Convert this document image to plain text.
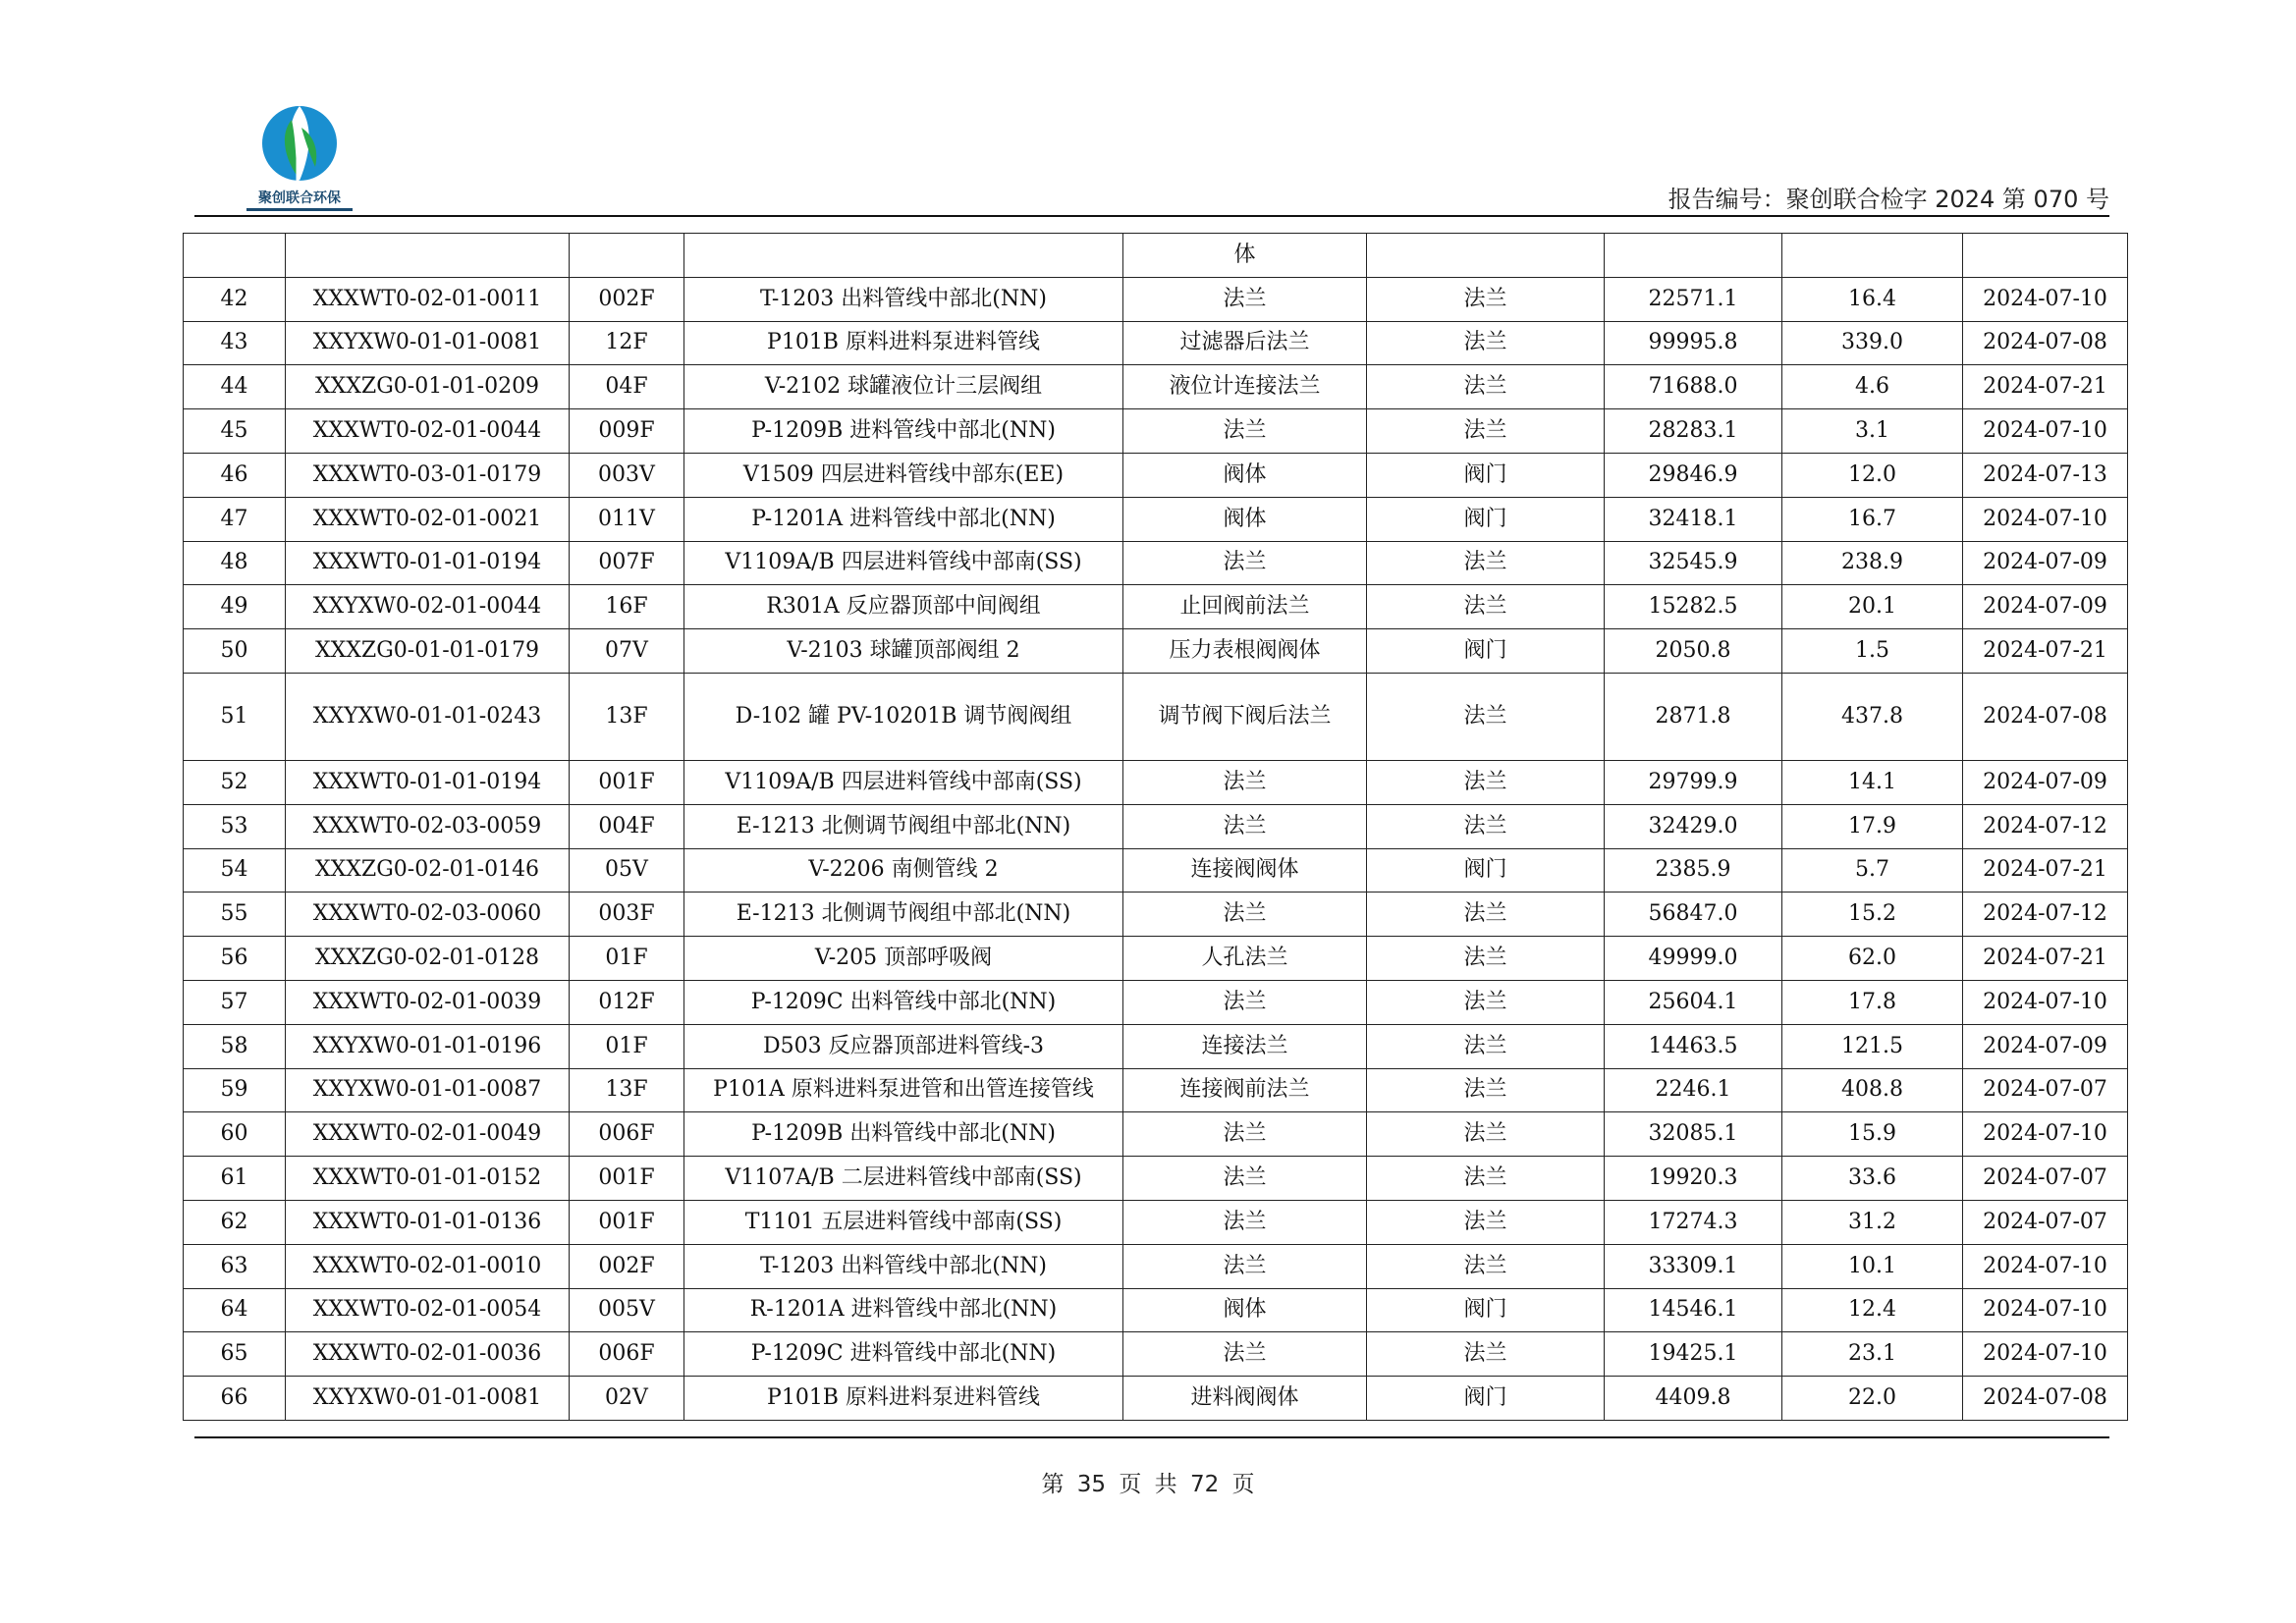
聚创联合环保	报告编号：聚创联合检字 2024 第 070 号
				体				
42	XXXWT0-02-01-0011	002F	T-1203 出料管线中部北(NN)	法兰	法兰	22571.1	16.4	2024-07-10
43	XXYXW0-01-01-0081	12F	P101B 原料进料泵进料管线	过滤器后法兰	法兰	99995.8	339.0	2024-07-08
44	XXXZG0-01-01-0209	04F	V-2102 球罐液位计三层阀组	液位计连接法兰	法兰	71688.0	4.6	2024-07-21
45	XXXWT0-02-01-0044	009F	P-1209B 进料管线中部北(NN)	法兰	法兰	28283.1	3.1	2024-07-10
46	XXXWT0-03-01-0179	003V	V1509 四层进料管线中部东(EE)	阀体	阀门	29846.9	12.0	2024-07-13
47	XXXWT0-02-01-0021	011V	P-1201A 进料管线中部北(NN)	阀体	阀门	32418.1	16.7	2024-07-10
48	XXXWT0-01-01-0194	007F	V1109A/B 四层进料管线中部南(SS)	法兰	法兰	32545.9	238.9	2024-07-09
49	XXYXW0-02-01-0044	16F	R301A 反应器顶部中间阀组	止回阀前法兰	法兰	15282.5	20.1	2024-07-09
50	XXXZG0-01-01-0179	07V	V-2103 球罐顶部阀组 2	压力表根阀阀体	阀门	2050.8	1.5	2024-07-21
51	XXYXW0-01-01-0243	13F	D-102 罐 PV-10201B 调节阀阀组	调节阀下阀后法兰	法兰	2871.8	437.8	2024-07-08
52	XXXWT0-01-01-0194	001F	V1109A/B 四层进料管线中部南(SS)	法兰	法兰	29799.9	14.1	2024-07-09
53	XXXWT0-02-03-0059	004F	E-1213 北侧调节阀组中部北(NN)	法兰	法兰	32429.0	17.9	2024-07-12
54	XXXZG0-02-01-0146	05V	V-2206 南侧管线 2	连接阀阀体	阀门	2385.9	5.7	2024-07-21
55	XXXWT0-02-03-0060	003F	E-1213 北侧调节阀组中部北(NN)	法兰	法兰	56847.0	15.2	2024-07-12
56	XXXZG0-02-01-0128	01F	V-205 顶部呼吸阀	人孔法兰	法兰	49999.0	62.0	2024-07-21
57	XXXWT0-02-01-0039	012F	P-1209C 出料管线中部北(NN)	法兰	法兰	25604.1	17.8	2024-07-10
58	XXYXW0-01-01-0196	01F	D503 反应器顶部进料管线-3	连接法兰	法兰	14463.5	121.5	2024-07-09
59	XXYXW0-01-01-0087	13F	P101A 原料进料泵进管和出管连接管线	连接阀前法兰	法兰	2246.1	408.8	2024-07-07
60	XXXWT0-02-01-0049	006F	P-1209B 出料管线中部北(NN)	法兰	法兰	32085.1	15.9	2024-07-10
61	XXXWT0-01-01-0152	001F	V1107A/B 二层进料管线中部南(SS)	法兰	法兰	19920.3	33.6	2024-07-07
62	XXXWT0-01-01-0136	001F	T1101 五层进料管线中部南(SS)	法兰	法兰	17274.3	31.2	2024-07-07
63	XXXWT0-02-01-0010	002F	T-1203 出料管线中部北(NN)	法兰	法兰	33309.1	10.1	2024-07-10
64	XXXWT0-02-01-0054	005V	R-1201A 进料管线中部北(NN)	阀体	阀门	14546.1	12.4	2024-07-10
65	XXXWT0-02-01-0036	006F	P-1209C 进料管线中部北(NN)	法兰	法兰	19425.1	23.1	2024-07-10
66	XXYXW0-01-01-0081	02V	P101B 原料进料泵进料管线	进料阀阀体	阀门	4409.8	22.0	2024-07-08
第 35 页 共 72 页
